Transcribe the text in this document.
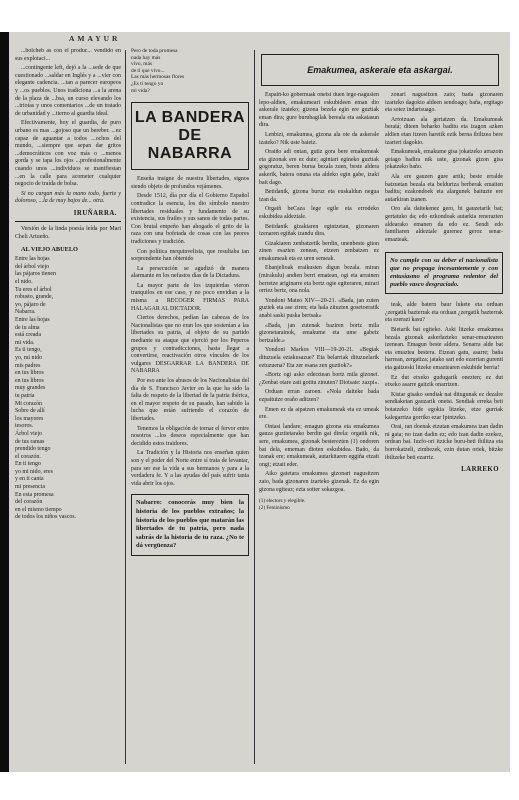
AMAYUR

...bolcheb as con el produc... vendido en sus explotaci...

...contingente left, dejó a la ...sede de que cuestionado ...saldar en Inglés y a ...vier con elegante cadencia. ...tan a parecer europeos y ...os pueblos. Unos tradiciona ...a la arena de la plaza de ...bsa, un curso elevando los ...triotas y unos comentarios ...de un tratado de urbanidad y ...tierno al guardia ideal.

Efectivamente, hoy el guardia, de puro urbano es mas ...gojoso que un bereber. ...ez capaz de aguantar a todos ...ochos del mundo, ...siempre que sepan dar gritos ...democráticos con voz más o ...menos gorda y se tapa los ojos ...profesionalmente cuando unos ...individuos se manifiestan ...en la calle para acometer cualquier negocio de traída de bolsa.

Si no cargan más la mano todo, fuerte y doloroso, ...la de muy bajos de... otra.

IRUÑARRA.

Versión de la linda poesía leída por Mari Cheli Artueño.

AL VIEJO ABUELO

Entre las hojas

del árbol viejo

las pájaros tienen

el nido.

Tu eres el árbol

robusto, grande,

yo, pájaro de

Nabarra.

Entre las hojas

de tu alma

está creada

mi vida.

Es ti tengo,

yo, mi nido

mis padres

en tus libros

en tus libros

muy grandes

tu patria

Mi corazón

Sobre de allí

los mayores

tesoros.

Árbol viejo

de tus ramas

prendido tengo

el corazón.

En ti tengo

yo mi nido, eres

y en ti canta

mi presencia

En esta promesa

del corazón

en el mismo tiempo

de todos los niños vascos.

Pero de toda promesa

nada hay más

vivo, más

de ti que vivo...

Las más hermosas flores

¿Es ti tengo yo

mi vida?

LA BANDERA DE
NABARRA

Enseña insigne de nuestra libertades, signos siendo objeto de profundos vejámenes.

Desde 1512, día por día el Gobierno Español contradice la esencia, los dio símbolo nuestro libertades residuales y fundamento de su existencia, sus frailes y sus sanos de todas partes. Con brutal empeño han ahogado el grito de la raza con una bofetada de cosas con las peores tradiciones y tradición.

Con política mequinvelista, que resultaba tan sorprendente han obtenido

La persecución se agudizó de manera alarmante en los nefastos días de la Dictadura.

La mayor parte de los izquierdas vieron tranquilos en ese caso, y no poco envidian a la misma a RECOGER FIRMAS PARA HALAGAR AL DICTADOR.

Ciertos derechos, pedían las cabezas de los Nacionalistas que no eran los que sostenían a las libertades su patria, al objeto de su partido mediante su ataque que ejerció por los Peperos grupos y contradicciones, hasta llegar a convertirse, reactivación otros vínculos de los vulgares DESGARRAR LA BANDERA DE NABARRA

Por eso ante los abusos de los Nacionalistas del día de S. Francisco Javier en la que ha sido la falta de respeto de la libertad de la patria ibérica, en el mayor respeto de su pasado, han sabido la lucha que están sufriendo el corazón de libertades.

Tenemos la obligación de tornar el fervor entre nosotros ...los deseos especialmente que han decidido estos traidores.

La Tradición y la Historia nos enseñan quien son y el poder del Norte entre sí trata de levantar, para ser ese la vida a sus hermanos y para a la verdadera fe. Y a las ayudas del país sufrir tanta vida abrir los ojos.

Nabarro: conocerás muy bien la historia de los pueblos extraños; la historia de los pueblos que matarán las libertades de tu patria, pero nada sabrás de la historia de tu raza. ¿No te dá vergüenza?
Emakumea, askeraie eta askargai.

Espaiñ-ko gobernuak onetsi duen lege-nagusien lepo-aldien, emakumeari eskubideen eman dio askerale izateko; gizona bezela egin ere guztiak eman dira; gure burubagilak bereala eta askatasun dira.

Lenbizi, emakumea, gizona ala ote da askerale izateko? Nik uste baietz.

Oraiño adi ontan, gutiz gora bere emakumeak eta gizonak ere ez dute; agintari egineko guztiak gogoratuz, beren burua bezala zuen, beste aldera askerik, batera onuna eta aldeko egin gabe, izaki bait dago.

Betidanik, gizona buruz eta euskaldun negua izan da.

Orgaiñ beCaza lege egile eta errodeko eskubidea aldeztale.

Betidanik gizakiaren egintzetan, gizonaren izenaren egiñak izandu dira.

Gizakiaren zenbatzetik berdin, unenbeste giton zinen esazten zenean, etzeen zenbatzen ez emakumeak eta ez uren semeak.

Ebanjelioak eraikusten digun bezala. miran (mirakulu) andien berri ematean, ogi eta arrainen berretze ariginarre eta bortz ogie egiteraren, mirari orriez bertz, ona nola.

Yondoni Mateo XIV—20-21. «Bada, jan zuten guziek eta ase ziren; eta hala zituzten gosetoeratik anabi saski puska bertsak»

«Bada, jan zutenak baziren bortz mila gizonetarainok, emakume eta ume gabetz bertzalde.»

Yondoni Markos VIII—19-20-21. «Begiak dituzuela eztakusazue? Eta belarriak dituzuelarik eztuzuena? Eta zer esana zen guztiok?»

«Bortz ogi asko ederztean bortz mila gizonei. ¿Zenbat otare zati gotitu zinuten? Diotsate: zazpi».

Orduan erran zaroen. «Nola daiteke bada ezpaitutze oraño aditzen?

Emen ez da aipatzen emakumeak eta ez umeak ere.

Ontasi landare; emagun gizona eta emakumea gauza guztietarako berdin gai direla: orgatik nik, sere, emakumea, gizonak besterezten (1) ondoren bat dela, ememan dioten eskubidea. Baño, da izanak ere; emakumeak, autarkitaren eggiña etzait ongi; etzait eder.

Aiko gaietara emakumea gizonari nagusitzen zaio, bada gizonaren izarteko gizenak. Ez da egin gizona egiteaz; ezta sotter sokazgoa.

(1) electors y elegible.
(2) Feminismo

zonari nagusitzen zaio; bada gizonaren izarteko dagokio aldeen sendoago; baña, ergitago eta sotez indartsuago.

Arrotzuan ala gertatzen da. Emakumeak beraiá; diteen beharko baditu eta izagon azken aldien etan itzeen haretik ezik berna ibiltzea bere izarteri dagokio.

Emakumeak, emakume gisa jokatzeko arrazoin geiago badira nik uste, gizonak gizon gisa jokatzeko baño.

Ala ere gauzen gure artik; beste erralde batzuetan bezala eta beldurtza berberak emaiten baditu; ezakondoek eta alargunek baituzte ere autarkiran izanen.

Oro ala daitekenez gero, bi gauzetarik bat; gertatuko da; edo ezkondoak autarkia renerazten aldearako emanen da edo ez. Sendi edo familiaren aldeztale gurenez geroz senar-emazteak.

No cumple con su deber el nacionalista que no propaga incesantemente y con entusiasmo el programa redentor del pueblo vasco desgraciado.

teak, alde batern baur lukete eta orduan ¿zergatik bazterrak eta orduan ¿zergatik bazterrak eta ezerazi kasu?

Bietarik bat egiteko. Aski litzeke emakumea bezala gizonak askerlazteko senar-emaztearen izenean. Emagun beste aldera. Senarra alde bat eta emaztea bestera. Etzean gatu, asarre; baña harrean, zergatiza; jatako sari edo ezarrian gurenti eta gaitzeski litzeke emaztearen eskubide berria!

Ez dut etxeko gudugarik onezten; ez dut etxeko asarre gaitzik onarrizen.

Kistar gisako sendiak nai ditugunak ez dezalre sendiaketan gauzarik onetsi. Sendiak erreka beti botatzeko bide egokia litzeke, etze gurriak kalegarriza gorriko ezar Ipintzeko.

Orai, ran doenak etzutan emakumea izan dadin ni gaia; no izan dadin ez; edo izan dadin ezekez, ordean bai. Iuzfo-ori itzicke buru-beti ibilitza eta borrokatzeli, zimbezek, ezin dutan oriek, bitzke ibiltzeke beti ezarriz.

LARREKO
